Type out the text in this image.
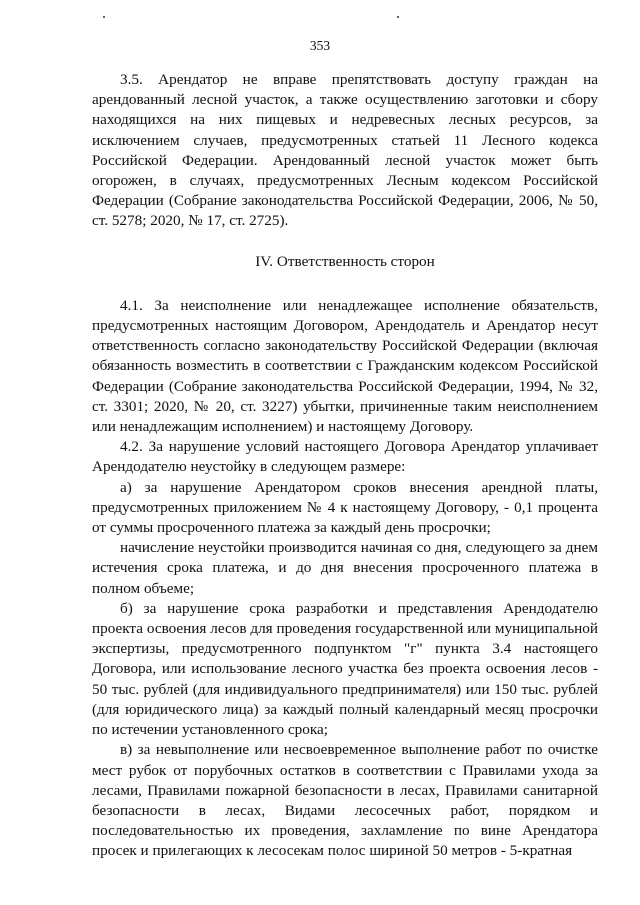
353

3.5. Арендатор не вправе препятствовать доступу граждан на арендованный лесной участок, а также осуществлению заготовки и сбору находящихся на них пищевых и недревесных лесных ресурсов, за исключением случаев, предусмотренных статьей 11 Лесного кодекса Российской Федерации. Арендованный лесной участок может быть огорожен, в случаях, предусмотренных Лесным кодексом Российской Федерации (Собрание законодательства Российской Федерации, 2006, № 50, ст. 5278; 2020, № 17, ст. 2725).

IV. Ответственность сторон

4.1. За неисполнение или ненадлежащее исполнение обязательств, предусмотренных настоящим Договором, Арендодатель и Арендатор несут ответственность согласно законодательству Российской Федерации (включая обязанность возместить в соответствии с Гражданским кодексом Российской Федерации (Собрание законодательства Российской Федерации, 1994, № 32, ст. 3301; 2020, № 20, ст. 3227) убытки, причиненные таким неисполнением или ненадлежащим исполнением) и настоящему Договору.

4.2. За нарушение условий настоящего Договора Арендатор уплачивает Арендодателю неустойку в следующем размере:

а) за нарушение Арендатором сроков внесения арендной платы, предусмотренных приложением № 4 к настоящему Договору, - 0,1 процента от суммы просроченного платежа за каждый день просрочки;

начисление неустойки производится начиная со дня, следующего за днем истечения срока платежа, и до дня внесения просроченного платежа в полном объеме;

б) за нарушение срока разработки и представления Арендодателю проекта освоения лесов для проведения государственной или муниципальной экспертизы, предусмотренного подпунктом "г" пункта 3.4 настоящего Договора, или использование лесного участка без проекта освоения лесов - 50 тыс. рублей (для индивидуального предпринимателя) или 150 тыс. рублей (для юридического лица) за каждый полный календарный месяц просрочки по истечении установленного срока;

в) за невыполнение или несвоевременное выполнение работ по очистке мест рубок от порубочных остатков в соответствии с Правилами ухода за лесами, Правилами пожарной безопасности в лесах, Правилами санитарной безопасности в лесах, Видами лесосечных работ, порядком и последовательностью их проведения, захламление по вине Арендатора просек и прилегающих к лесосекам полос шириной 50 метров - 5-кратная
